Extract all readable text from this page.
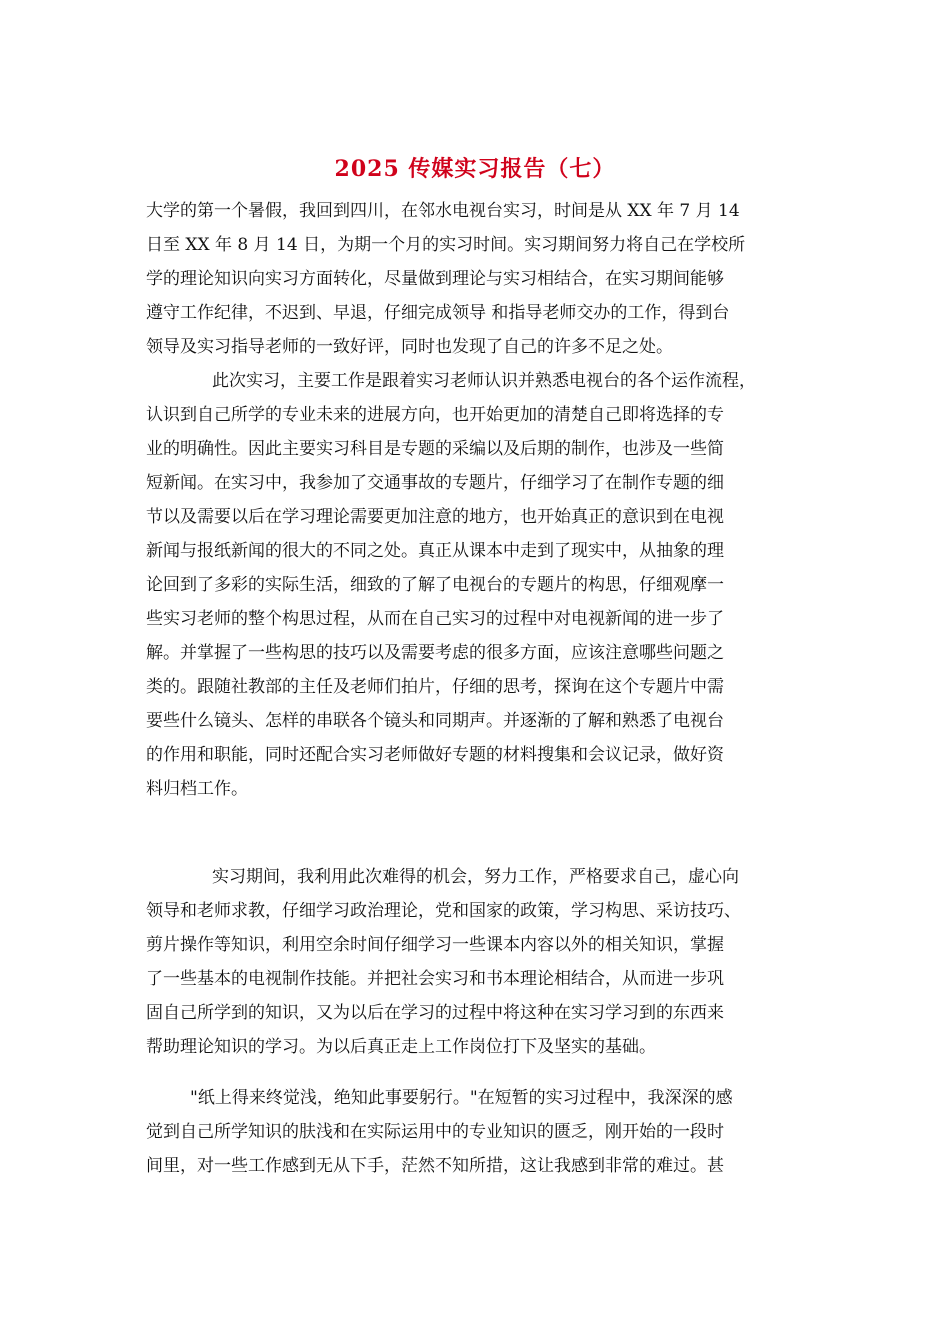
2025 传媒实习报告（七）
大学的第一个暑假，我回到四川，在邻水电视台实习，时间是从 XX 年 7 月 14
日至 XX 年 8 月 14 日，为期一个月的实习时间。实习期间努力将自己在学校所
学的理论知识向实习方面转化，尽量做到理论与实习相结合，在实习期间能够
遵守工作纪律，不迟到、早退，仔细完成领导 和指导老师交办的工作，得到台
领导及实习指导老师的一致好评，同时也发现了自己的许多不足之处。
此次实习，主要工作是跟着实习老师认识并熟悉电视台的各个运作流程，
认识到自己所学的专业未来的进展方向，也开始更加的清楚自己即将选择的专
业的明确性。因此主要实习科目是专题的采编以及后期的制作，也涉及一些简
短新闻。在实习中，我参加了交通事故的专题片，仔细学习了在制作专题的细
节以及需要以后在学习理论需要更加注意的地方，也开始真正的意识到在电视
新闻与报纸新闻的很大的不同之处。真正从课本中走到了现实中，从抽象的理
论回到了多彩的实际生活，细致的了解了电视台的专题片的构思，仔细观摩一
些实习老师的整个构思过程，从而在自己实习的过程中对电视新闻的进一步了
解。并掌握了一些构思的技巧以及需要考虑的很多方面，应该注意哪些问题之
类的。跟随社教部的主任及老师们拍片，仔细的思考，探询在这个专题片中需
要些什么镜头、怎样的串联各个镜头和同期声。并逐渐的了解和熟悉了电视台
的作用和职能，同时还配合实习老师做好专题的材料搜集和会议记录，做好资
料归档工作。
实习期间，我利用此次难得的机会，努力工作，严格要求自己，虚心向
领导和老师求教，仔细学习政治理论，党和国家的政策，学习构思、采访技巧、
剪片操作等知识，利用空余时间仔细学习一些课本内容以外的相关知识，掌握
了一些基本的电视制作技能。并把社会实习和书本理论相结合，从而进一步巩
固自己所学到的知识，又为以后在学习的过程中将这种在实习学习到的东西来
帮助理论知识的学习。为以后真正走上工作岗位打下及坚实的基础。
"纸上得来终觉浅，绝知此事要躬行。"在短暂的实习过程中，我深深的感
觉到自己所学知识的肤浅和在实际运用中的专业知识的匮乏，刚开始的一段时
间里，对一些工作感到无从下手，茫然不知所措，这让我感到非常的难过。甚
